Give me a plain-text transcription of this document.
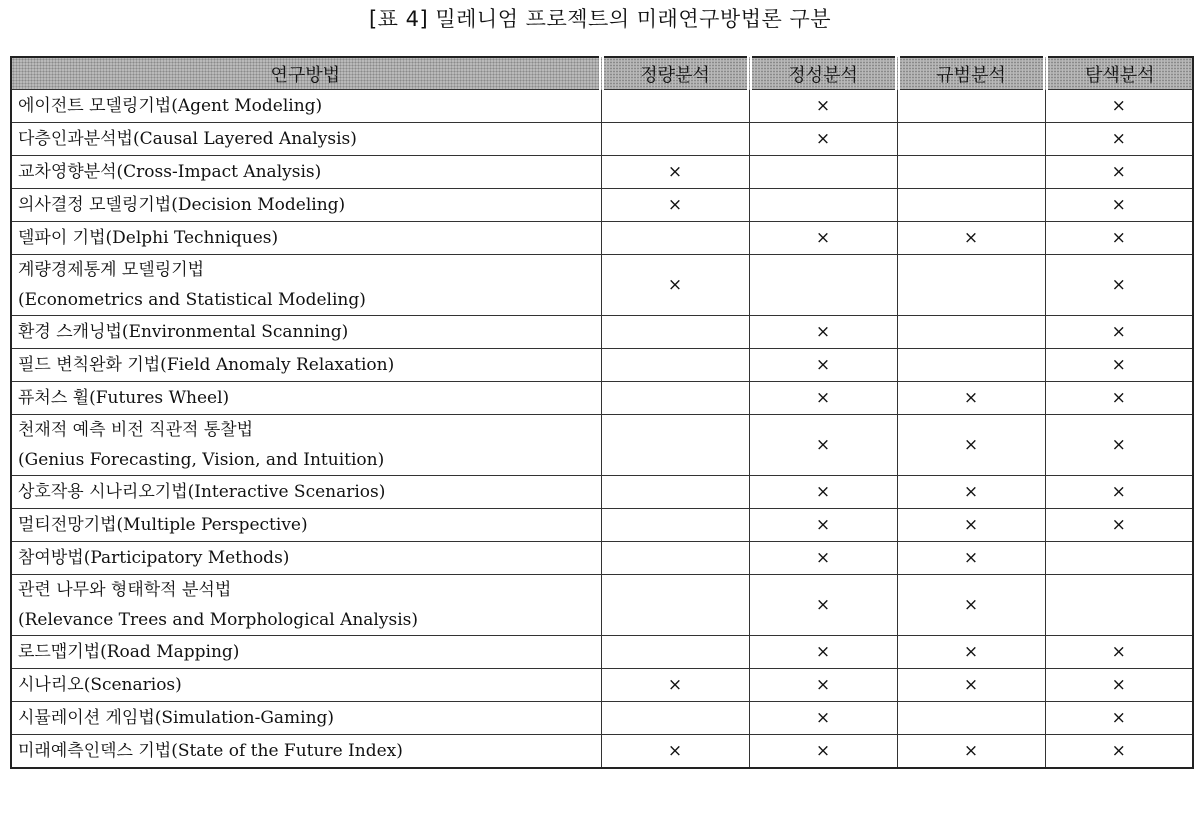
[표 4] 밀레니엄 프로젝트의 미래연구방법론 구분
연구방법	정량분석	정성분석	규범분석	탐색분석

에이전트 모델링기법(Agent Modeling)		×		×

다층인과분석법(Causal Layered Analysis)		×		×

교차영향분석(Cross-Impact Analysis)	×			×

의사결정 모델링기법(Decision Modeling)	×			×

델파이 기법(Delphi Techniques)		×	×	×

계량경제통계 모델링기법
(Econometrics and Statistical Modeling)	×			×

환경 스캐닝법(Environmental Scanning)		×		×

필드 변칙완화 기법(Field Anomaly Relaxation)		×		×

퓨처스 휠(Futures Wheel)		×	×	×

천재적 예측 비전 직관적 통찰법
(Genius Forecasting, Vision, and Intuition)		×	×	×

상호작용 시나리오기법(Interactive Scenarios)		×	×	×

멀티전망기법(Multiple Perspective)		×	×	×

참여방법(Participatory Methods)		×	×	

관련 나무와 형태학적 분석법
(Relevance Trees and Morphological Analysis)		×	×	

로드맵기법(Road Mapping)		×	×	×

시나리오(Scenarios)	×	×	×	×

시뮬레이션 게임법(Simulation-Gaming)		×		×

미래예측인덱스 기법(State of the Future Index)	×	×	×	×
